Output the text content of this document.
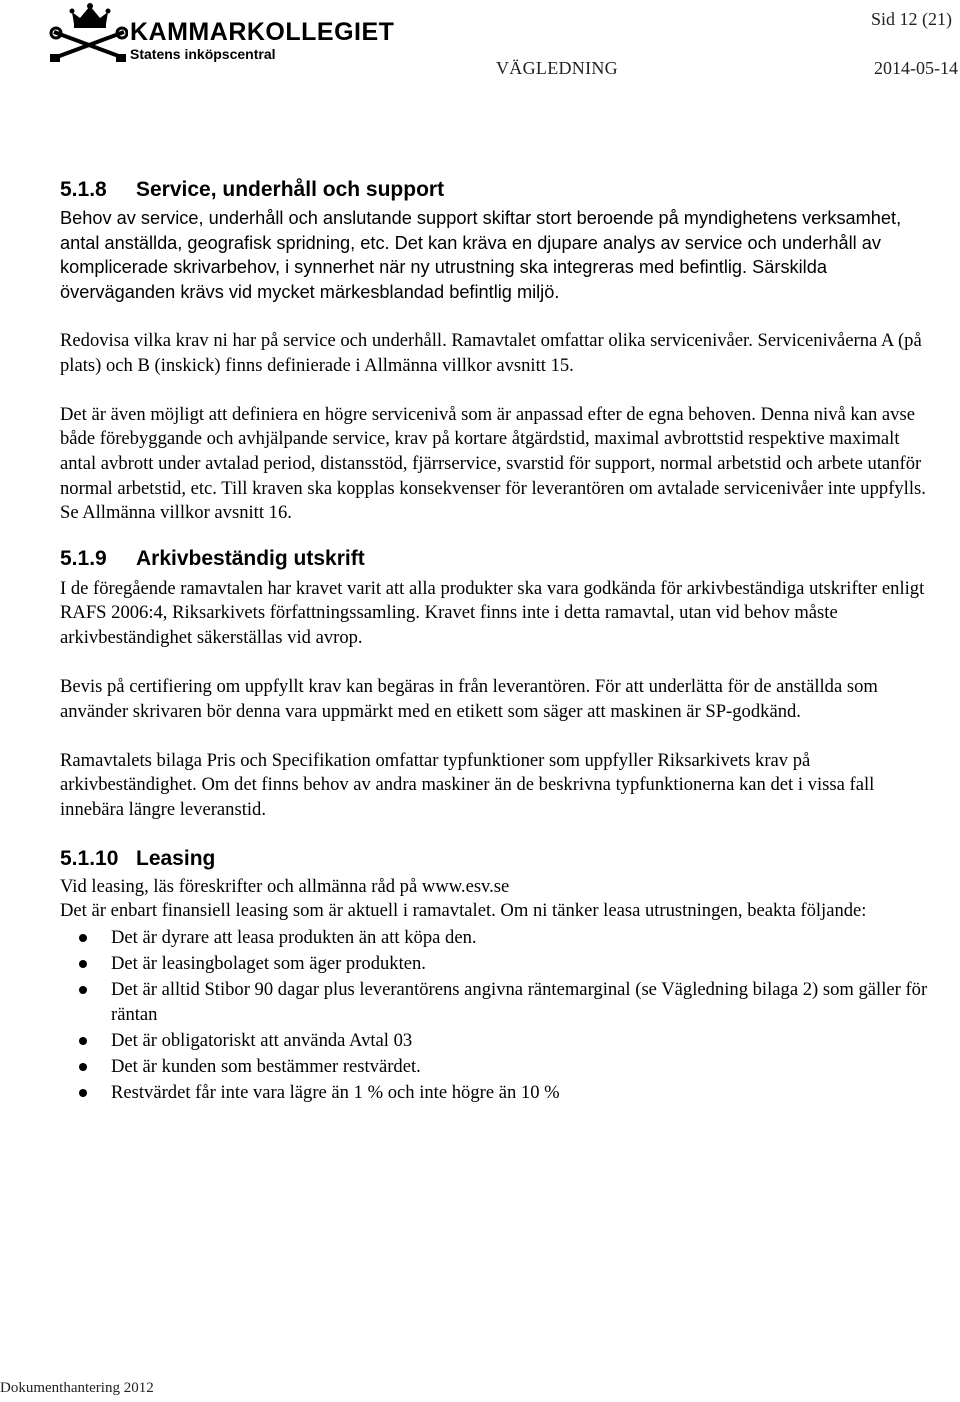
KAMMARKOLLEGIET
Statens inköpscentral
Sid 12 (21)
VÄGLEDNING	2014-05-14
5.1.8 Service, underhåll och support

Behov av service, underhåll och anslutande support skiftar stort beroende på myndighetens verksamhet, antal anställda, geografisk spridning, etc. Det kan kräva en djupare analys av service och underhåll av komplicerade skrivarbehov, i synnerhet när ny utrustning ska integreras med befintlig. Särskilda överväganden krävs vid mycket märkesblandad befintlig miljö.

Redovisa vilka krav ni har på service och underhåll. Ramavtalet omfattar olika servicenivåer. Servicenivåerna A (på plats) och B (inskick) finns definierade i Allmänna villkor avsnitt 15.

Det är även möjligt att definiera en högre servicenivå som är anpassad efter de egna behoven. Denna nivå kan avse både förebyggande och avhjälpande service, krav på kortare åtgärdstid, maximal avbrottstid respektive maximalt antal avbrott under avtalad period, distansstöd, fjärrservice, svarstid för support, normal arbetstid och arbete utanför normal arbetstid, etc. Till kraven ska kopplas konsekvenser för leverantören om avtalade servicenivåer inte uppfylls. Se Allmänna villkor avsnitt 16.

5.1.9 Arkivbeständig utskrift

I de föregående ramavtalen har kravet varit att alla produkter ska vara godkända för arkivbeständiga utskrifter enligt RAFS 2006:4, Riksarkivets författningssamling. Kravet finns inte i detta ramavtal, utan vid behov måste arkivbeständighet säkerställas vid avrop.

Bevis på certifiering om uppfyllt krav kan begäras in från leverantören. För att underlätta för de anställda som använder skrivaren bör denna vara uppmärkt med en etikett som säger att maskinen är SP-godkänd.

Ramavtalets bilaga Pris och Specifikation omfattar typfunktioner som uppfyller Riksarkivets krav på arkivbeständighet. Om det finns behov av andra maskiner än de beskrivna typfunktionerna kan det i vissa fall innebära längre leveranstid.

5.1.10 Leasing

Vid leasing, läs föreskrifter och allmänna råd på www.esv.se

Det är enbart finansiell leasing som är aktuell i ramavtalet. Om ni tänker leasa utrustningen, beakta följande:

Det är dyrare att leasa produkten än att köpa den.
Det är leasingbolaget som äger produkten.
Det är alltid Stibor 90 dagar plus leverantörens angivna räntemarginal (se Vägledning bilaga 2) som gäller för räntan
Det är obligatoriskt att använda Avtal 03
Det är kunden som bestämmer restvärdet.
Restvärdet får inte vara lägre än 1 % och inte högre än 10 %
Dokumenthantering 2012
